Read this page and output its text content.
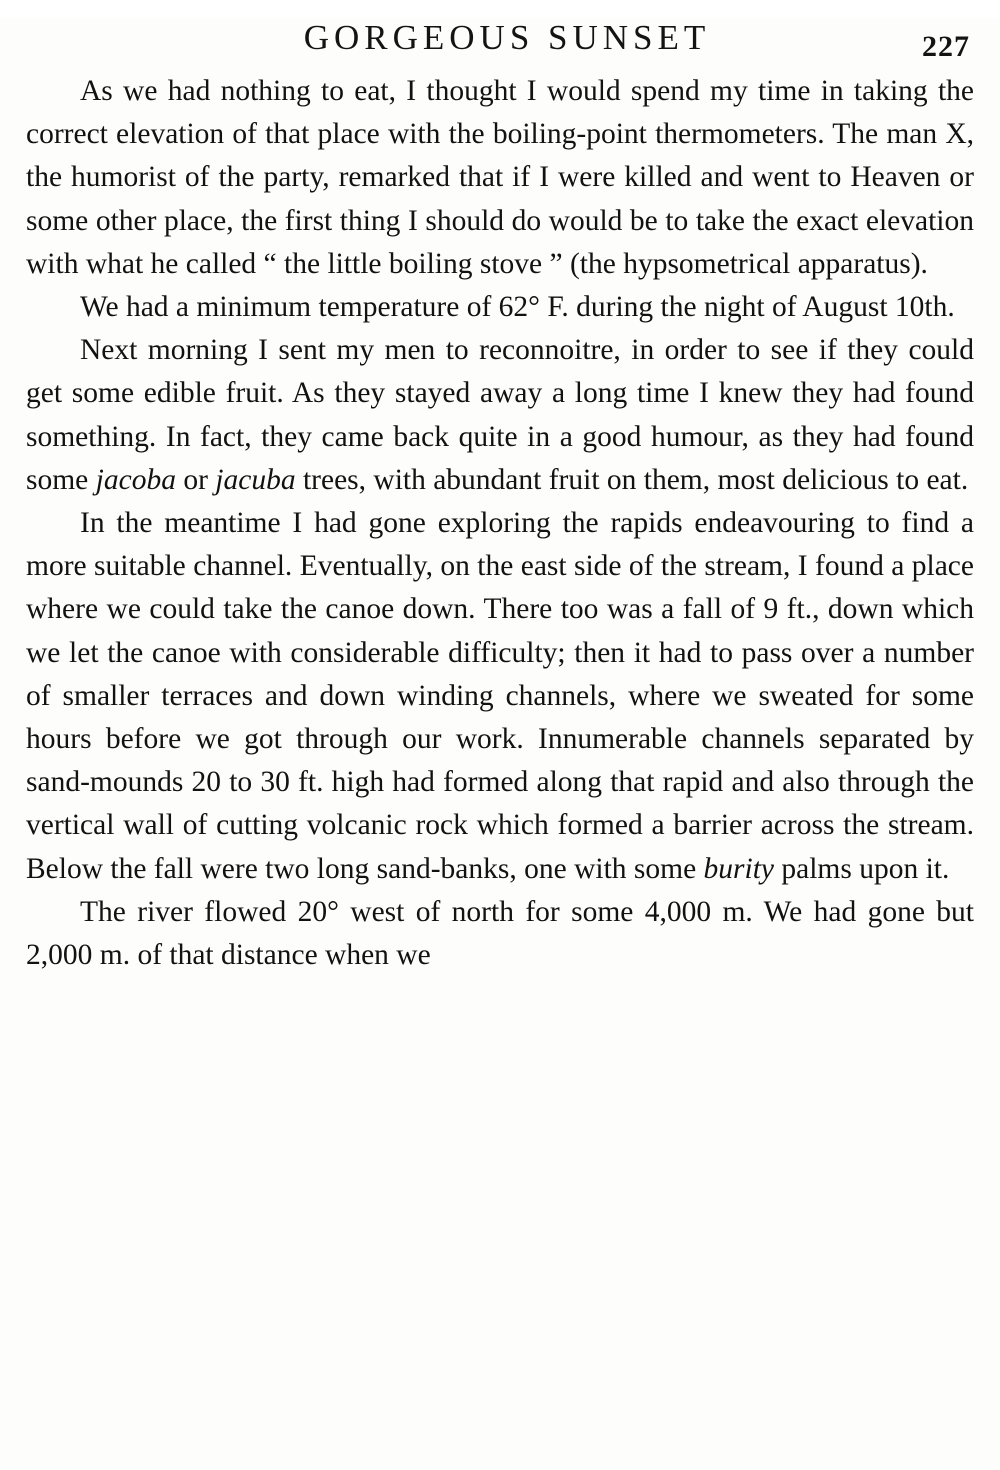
GORGEOUS SUNSET	227

As we had nothing to eat, I thought I would spend my time in taking the correct elevation of that place with the boiling-point thermometers. The man X, the humorist of the party, remarked that if I were killed and went to Heaven or some other place, the first thing I should do would be to take the exact elevation with what he called “ the little boiling stove ” (the hypsometrical apparatus).

We had a minimum temperature of 62° F. during the night of August 10th.

Next morning I sent my men to reconnoitre, in order to see if they could get some edible fruit. As they stayed away a long time I knew they had found something. In fact, they came back quite in a good humour, as they had found some jacoba or jacuba trees, with abundant fruit on them, most delicious to eat.

In the meantime I had gone exploring the rapids endeavouring to find a more suitable channel. Eventually, on the east side of the stream, I found a place where we could take the canoe down. There too was a fall of 9 ft., down which we let the canoe with considerable difficulty; then it had to pass over a number of smaller terraces and down winding channels, where we sweated for some hours before we got through our work. Innumerable channels separated by sand-mounds 20 to 30 ft. high had formed along that rapid and also through the vertical wall of cutting volcanic rock which formed a barrier across the stream. Below the fall were two long sand-banks, one with some burity palms upon it.

The river flowed 20° west of north for some 4,000 m. We had gone but 2,000 m. of that distance when we
